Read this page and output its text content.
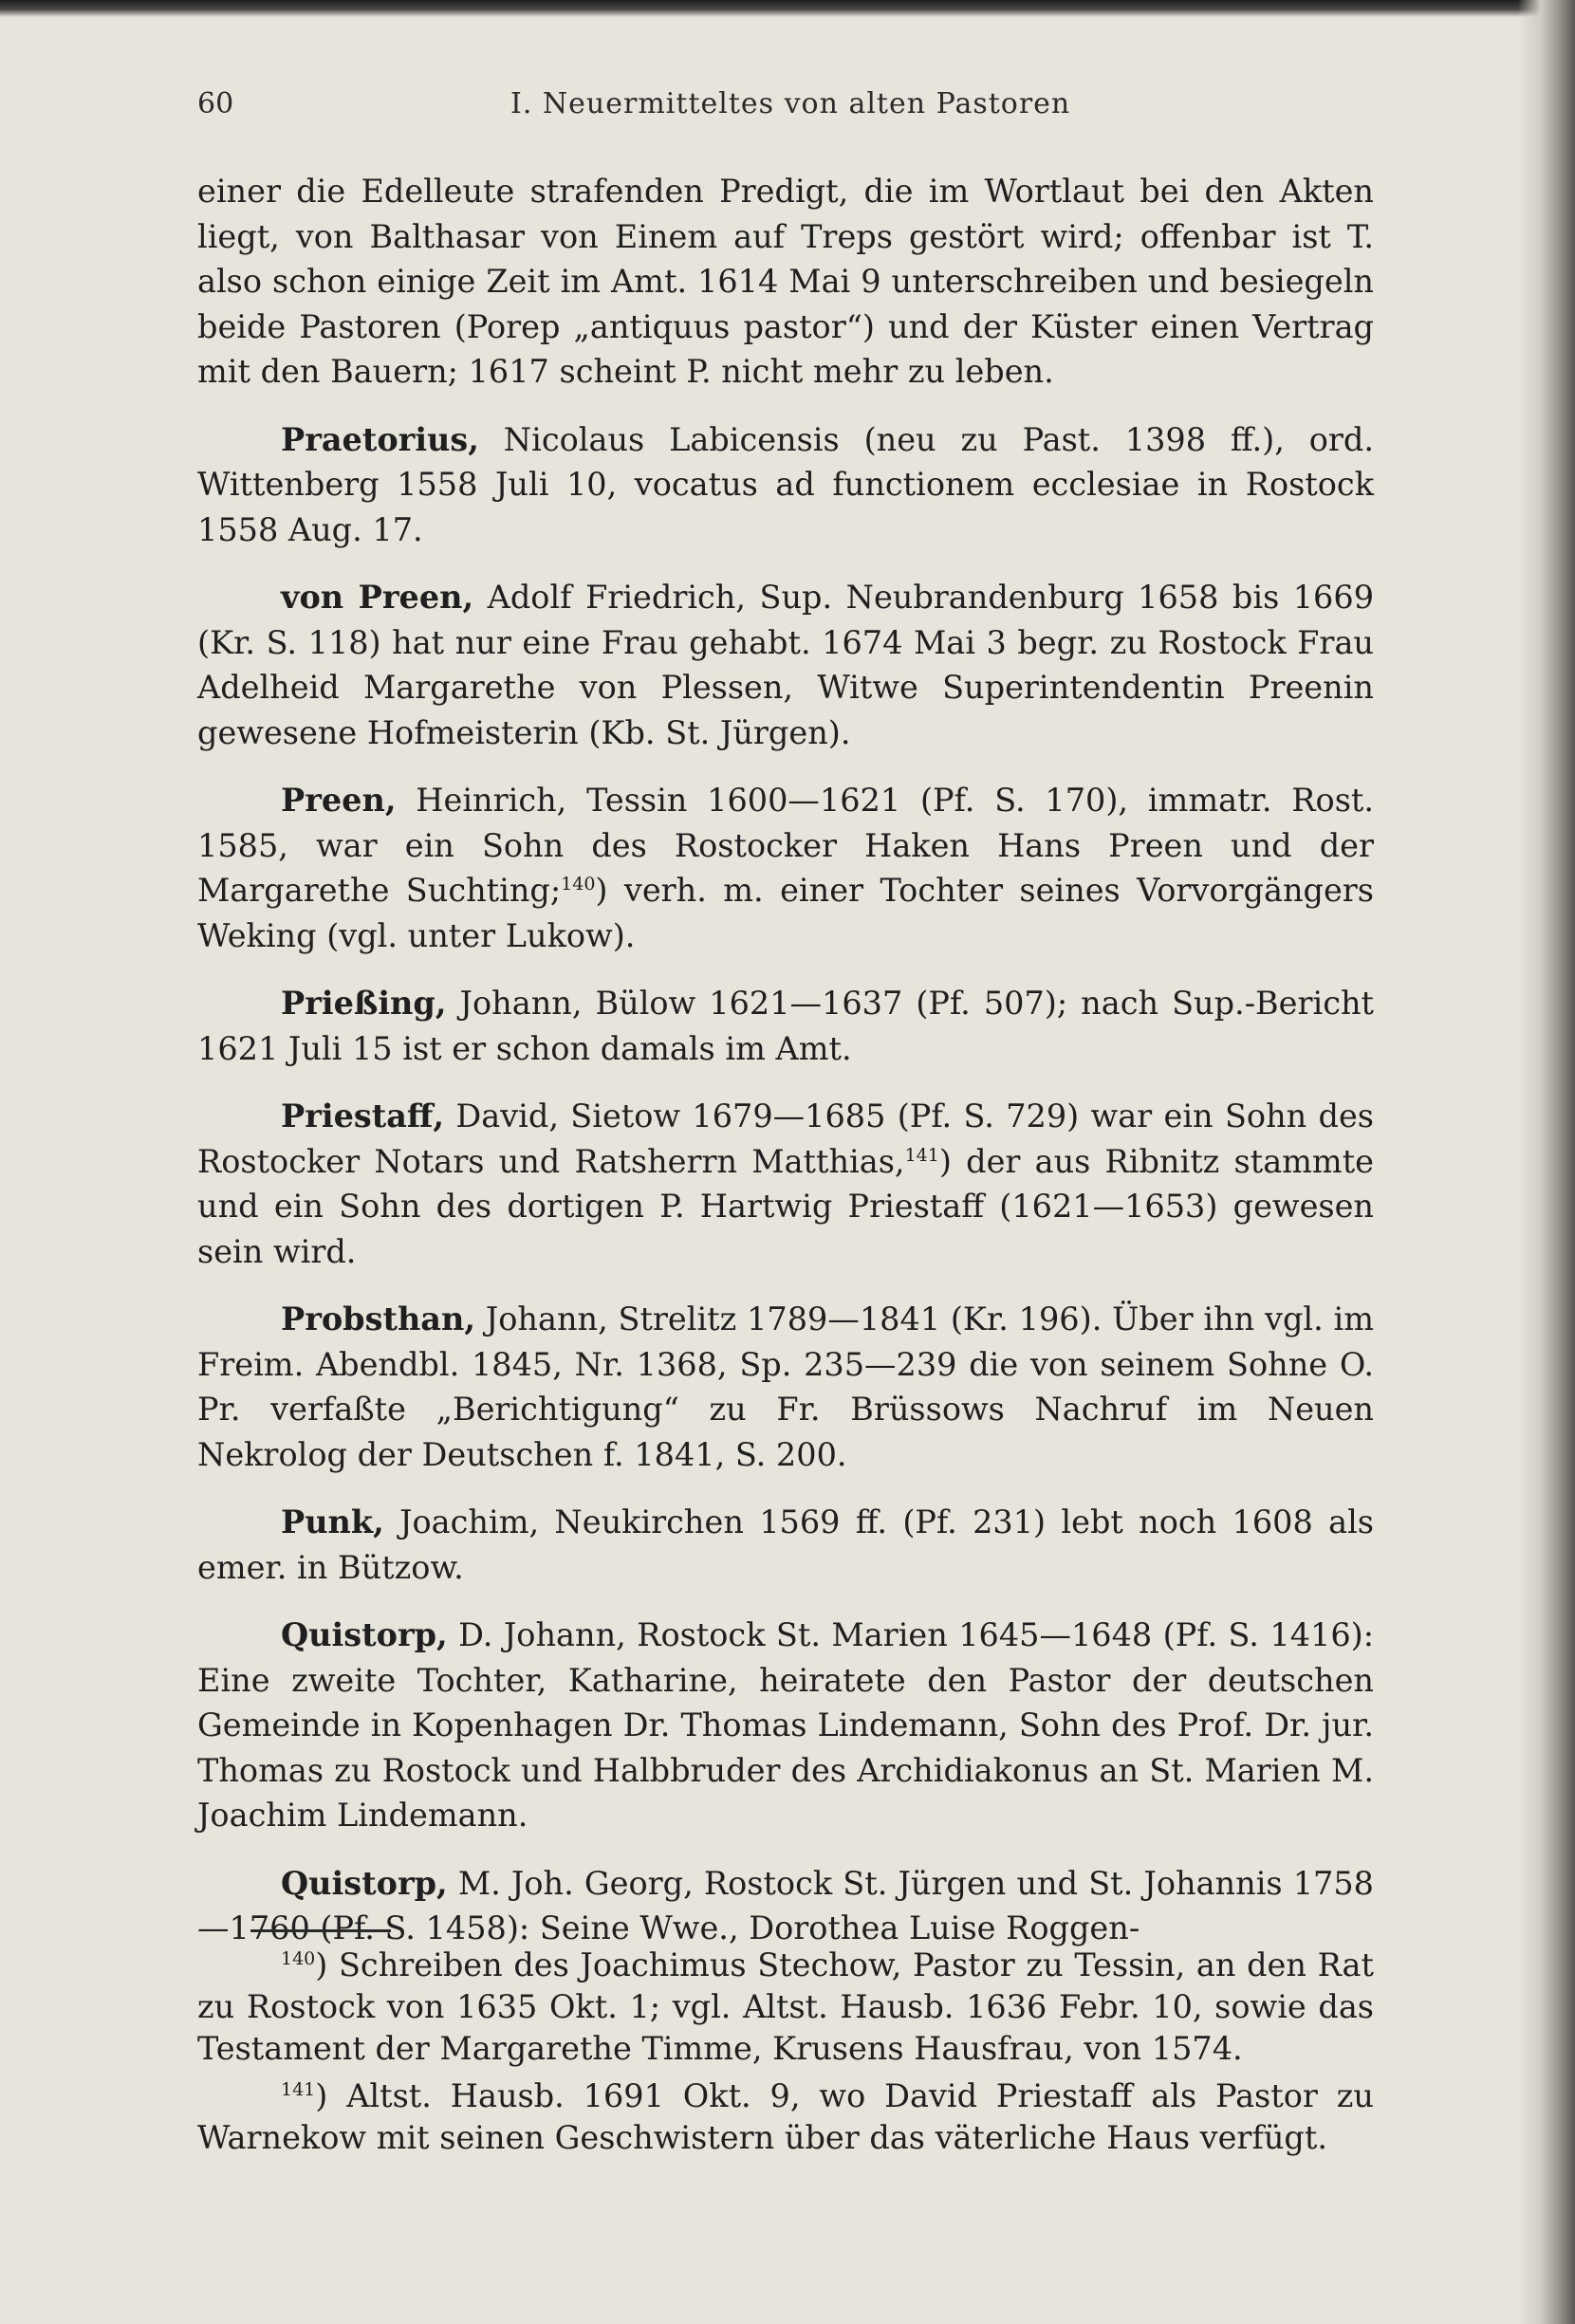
60	I. Neuermitteltes von alten Pastoren

einer die Edelleute strafenden Predigt, die im Wortlaut bei den Akten liegt, von Balthasar von Einem auf Treps gestört wird; offenbar ist T. also schon einige Zeit im Amt. 1614 Mai 9 unterschreiben und besiegeln beide Pastoren (Porep „antiquus pastor“) und der Küster einen Vertrag mit den Bauern; 1617 scheint P. nicht mehr zu leben.

Praetorius, Nicolaus Labicensis (neu zu Past. 1398 ff.), ord. Wittenberg 1558 Juli 10, vocatus ad functionem ecclesiae in Rostock 1558 Aug. 17.

von Preen, Adolf Friedrich, Sup. Neubrandenburg 1658 bis 1669 (Kr. S. 118) hat nur eine Frau gehabt. 1674 Mai 3 begr. zu Rostock Frau Adelheid Margarethe von Plessen, Witwe Superintendentin Preenin gewesene Hofmeisterin (Kb. St. Jürgen).

Preen, Heinrich, Tessin 1600—1621 (Pf. S. 170), immatr. Rost. 1585, war ein Sohn des Rostocker Haken Hans Preen und der Margarethe Suchting;$^{140}$) verh. m. einer Tochter seines Vorvorgängers Weking (vgl. unter Lukow).

Prießing, Johann, Bülow 1621—1637 (Pf. 507); nach Sup.-Bericht 1621 Juli 15 ist er schon damals im Amt.

Priestaff, David, Sietow 1679—1685 (Pf. S. 729) war ein Sohn des Rostocker Notars und Ratsherrn Matthias,$^{141}$) der aus Ribnitz stammte und ein Sohn des dortigen P. Hartwig Priestaff (1621—1653) gewesen sein wird.

Probsthan, Johann, Strelitz 1789—1841 (Kr. 196). Über ihn vgl. im Freim. Abendbl. 1845, Nr. 1368, Sp. 235—239 die von seinem Sohne O. Pr. verfaßte „Berichtigung“ zu Fr. Brüssows Nachruf im Neuen Nekrolog der Deutschen f. 1841, S. 200.

Punk, Joachim, Neukirchen 1569 ff. (Pf. 231) lebt noch 1608 als emer. in Bützow.

Quistorp, D. Johann, Rostock St. Marien 1645—1648 (Pf. S. 1416): Eine zweite Tochter, Katharine, heiratete den Pastor der deutschen Gemeinde in Kopenhagen Dr. Thomas Lindemann, Sohn des Prof. Dr. jur. Thomas zu Rostock und Halbbruder des Archidiakonus an St. Marien M. Joachim Lindemann.

Quistorp, M. Joh. Georg, Rostock St. Jürgen und St. Johannis 1758—1760 (Pf. S. 1458): Seine Wwe., Dorothea Luise Roggen-

$^{140}$) Schreiben des Joachimus Stechow, Pastor zu Tessin, an den Rat zu Rostock von 1635 Okt. 1; vgl. Altst. Hausb. 1636 Febr. 10, sowie das Testament der Margarethe Timme, Krusens Hausfrau, von 1574.

$^{141}$) Altst. Hausb. 1691 Okt. 9, wo David Priestaff als Pastor zu Warnekow mit seinen Geschwistern über das väterliche Haus verfügt.
